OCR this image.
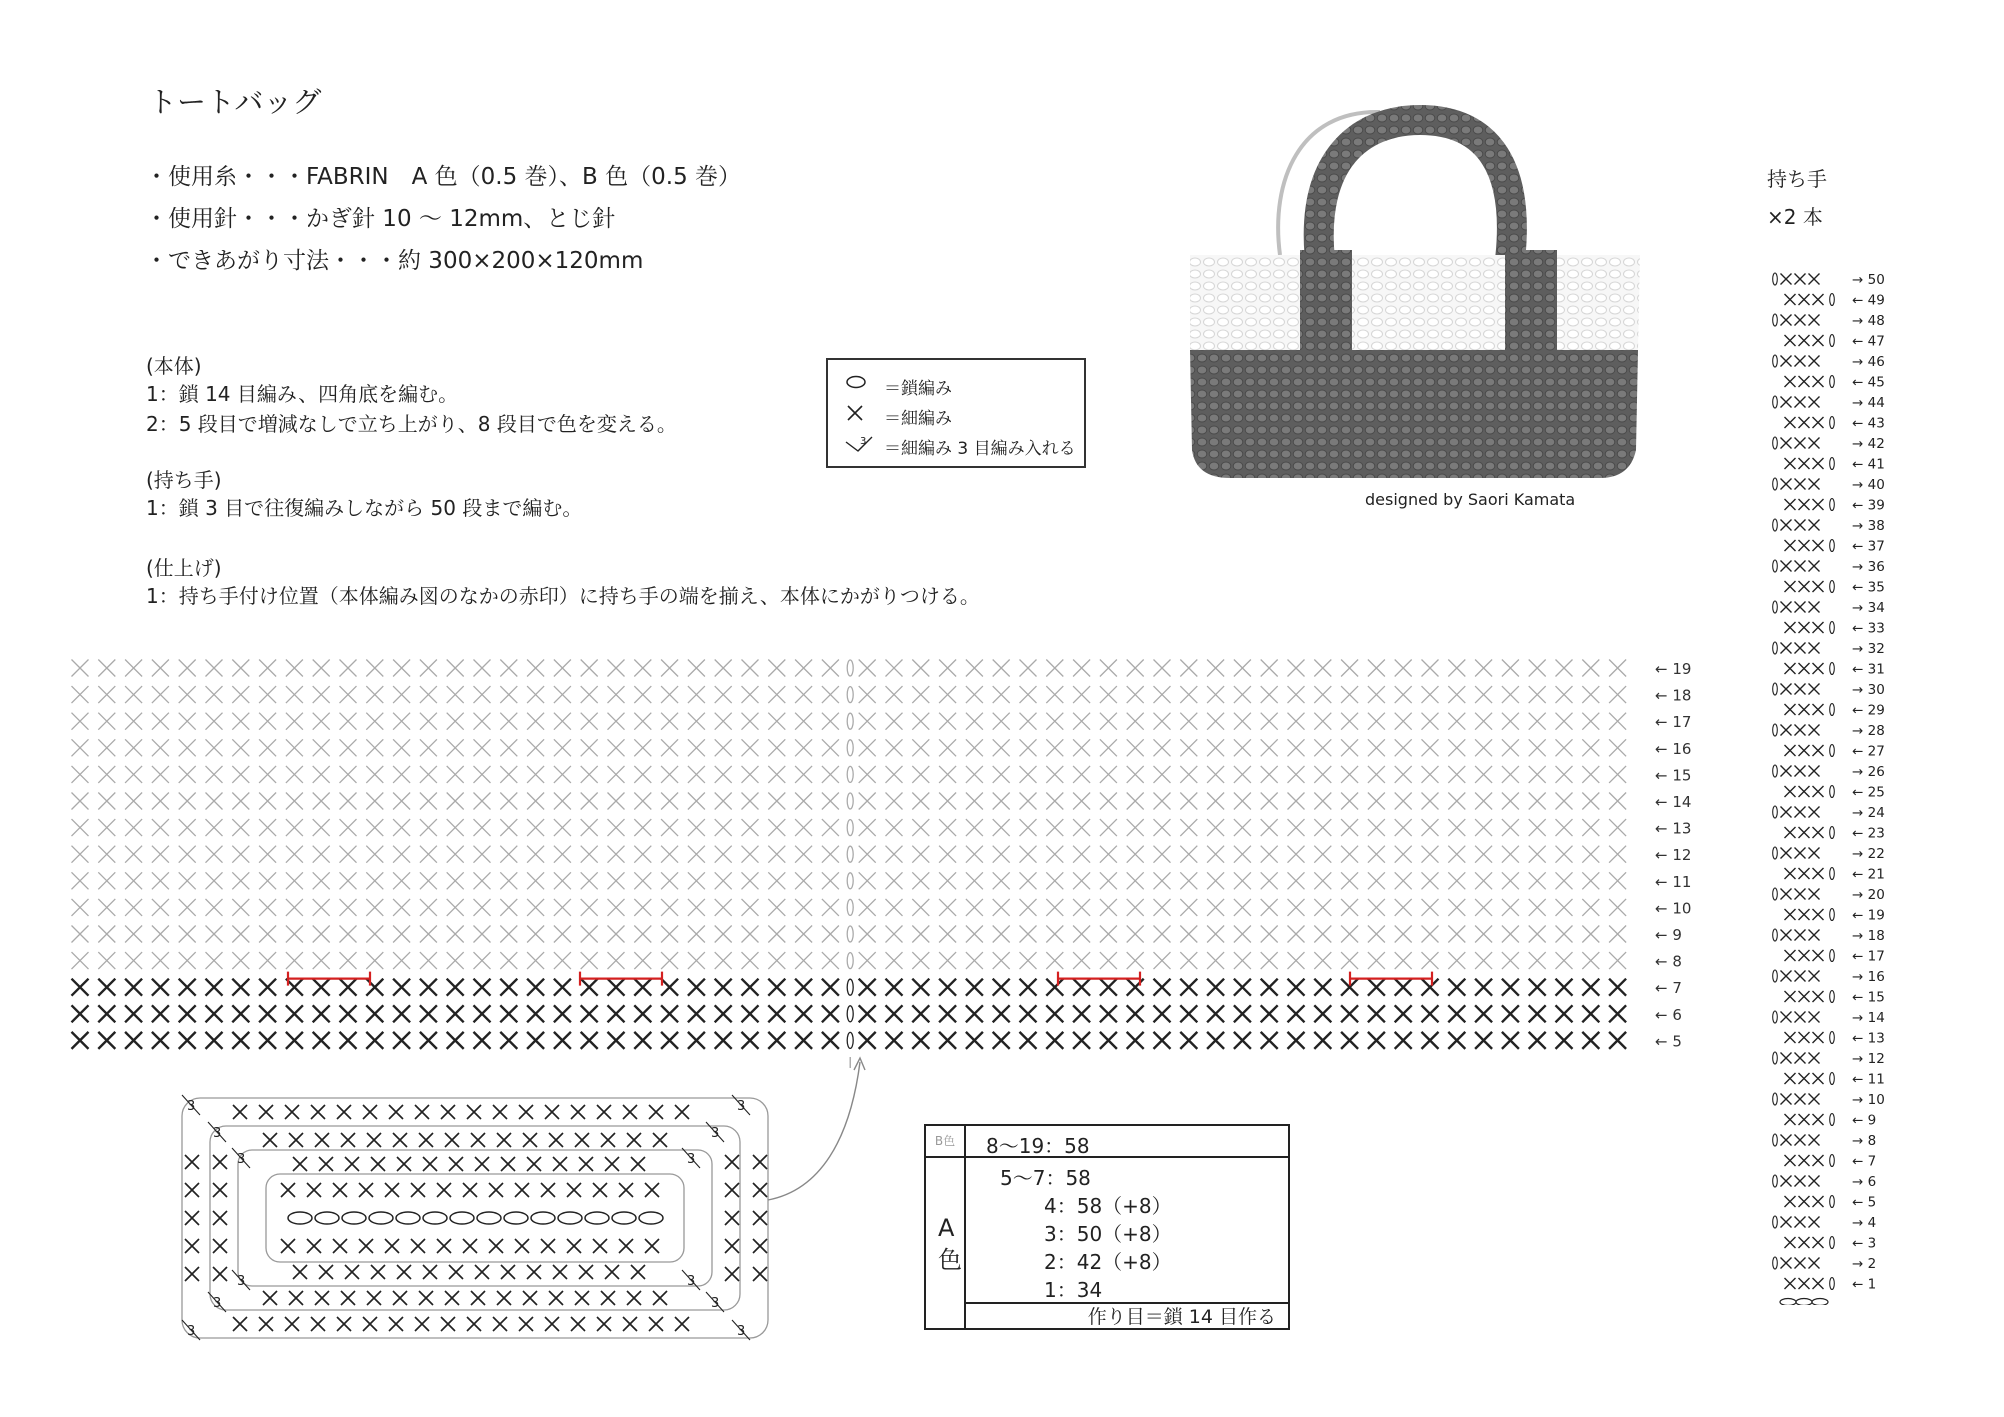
トートバッグ
・使用糸・・・FABRIN　A 色（0.5 巻）、B 色（0.5 巻）
・使用針・・・かぎ針 10 ～ 12mm、とじ針
・できあがり寸法・・・約 300×200×120mm
(本体)
1：鎖 14 目編み、四角底を編む。
2：5 段目で増減なしで立ち上がり、8 段目で色を変える。
(持ち手)
1：鎖 3 目で往復編みしながら 50 段まで編む。
(仕上げ)
1：持ち手付け位置（本体編み図のなかの赤印）に持ち手の端を揃え、本体にかがりつける。
＝鎖編み
＝細編み
3 ＝細編み 3 目編み入れる
designed by Saori Kamata
持ち手
×2 本
→ 50
← 49
→ 48
← 47
→ 46
← 45
→ 44
← 43
→ 42
← 41
→ 40
← 39
→ 38
← 37
→ 36
← 35
→ 34
← 33
→ 32
← 31
→ 30
← 29
→ 28
← 27
→ 26
← 25
→ 24
← 23
→ 22
← 21
→ 20
← 19
→ 18
← 17
→ 16
← 15
→ 14
← 13
→ 12
← 11
→ 10
← 9
→ 8
← 7
→ 6
← 5
→ 4
← 3
→ 2
← 1
← 19
← 18
← 17
← 16
← 15
← 14
← 13
← 12
← 11
← 10
← 9
← 8
← 7
← 6
← 5
3
3
3
3
3
3
3
3
3
3
3
3
B色
A
色
8～19：58
5～7：58
4：58（+8）
3：50（+8）
2：42（+8）
1：34
作り目＝鎖 14 目作る
